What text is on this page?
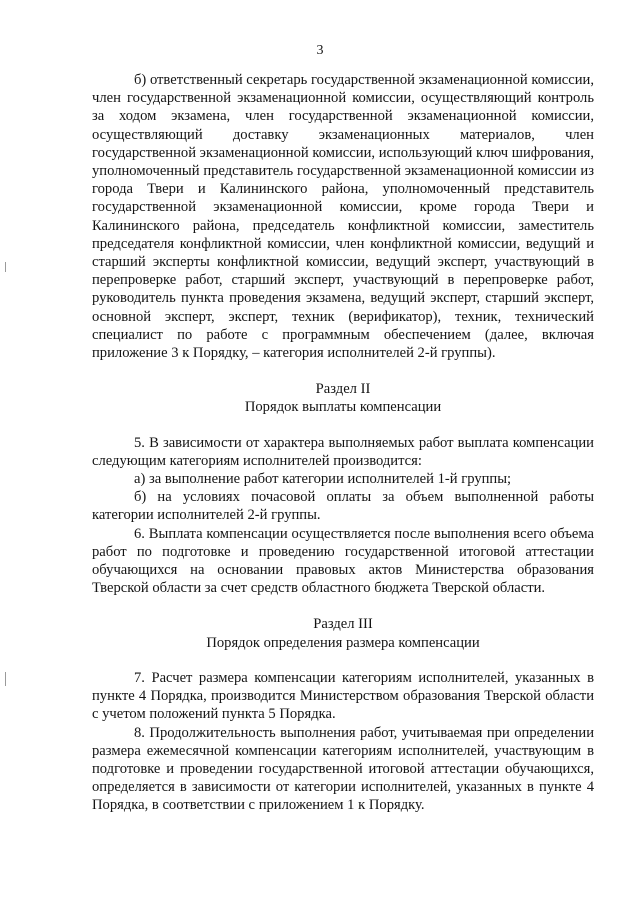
3

б) ответственный секретарь государственной экзаменационной комиссии, член государственной экзаменационной комиссии, осуществляющий контроль за ходом экзамена, член государственной экзаменационной комиссии, осуществляющий доставку экзаменационных материалов, член государственной экзаменационной комиссии, использующий ключ шифрования, уполномоченный представитель государственной экзаменационной комиссии из города Твери и Калининского района, уполномоченный представитель государственной экзаменационной комиссии, кроме города Твери и Калининского района, председатель конфликтной комиссии, заместитель председателя конфликтной комиссии, член конфликтной комиссии, ведущий и старший эксперты конфликтной комиссии, ведущий эксперт, участвующий в перепроверке работ, старший эксперт, участвующий в перепроверке работ, руководитель пункта проведения экзамена, ведущий эксперт, старший эксперт, основной эксперт, эксперт, техник (верификатор), техник, технический специалист по работе с программным обеспечением (далее, включая приложение 3 к Порядку, – категория исполнителей 2-й группы).

Раздел II

Порядок выплаты компенсации

5. В зависимости от характера выполняемых работ выплата компенсации следующим категориям исполнителей производится:

а) за выполнение работ категории исполнителей 1-й группы;

б) на условиях почасовой оплаты за объем выполненной работы категории исполнителей 2-й группы.

6. Выплата компенсации осуществляется после выполнения всего объема работ по подготовке и проведению государственной итоговой аттестации обучающихся на основании правовых актов Министерства образования Тверской области за счет средств областного бюджета Тверской области.

Раздел III

Порядок определения размера компенсации

7. Расчет размера компенсации категориям исполнителей, указанных в пункте 4 Порядка, производится Министерством образования Тверской области с учетом положений пункта 5 Порядка.

8. Продолжительность выполнения работ, учитываемая при определении размера ежемесячной компенсации категориям исполнителей, участвующим в подготовке и проведении государственной итоговой аттестации обучающихся, определяется в зависимости от категории исполнителей, указанных в пункте 4 Порядка, в соответствии с приложением 1 к Порядку.
